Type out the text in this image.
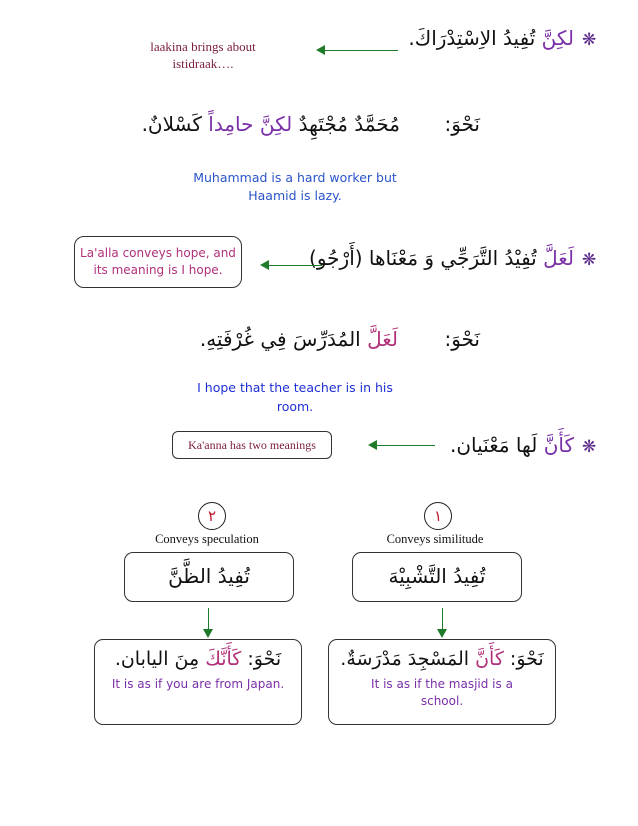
❋
لكِنَّ تُفِيدُ الاِسْتِدْرَاكَ.
laakina brings about
istidraak….
نَحْوَ:
مُحَمَّدٌ مُجْتَهِدٌ لكِنَّ حامِداً كَسْلانٌ.
Muhammad is a hard worker but
Haamid is lazy.
❋
لَعَلَّ تُفِيْدُ التَّرَجِّي وَ مَعْنَاها (أَرْجُو)
La'alla conveys hope, and
its meaning is I hope.
نَحْوَ:
لَعَلَّ المُدَرِّسَ فِي غُرْفَتِهِ.
I hope that the teacher is in his
room.
❋
كَأَنَّ لَها مَعْنَيان.
Ka'anna has two meanings
١
٢
Conveys similitude
Conveys speculation
تُفِيدُ التَّشْبِيْهَ
تُفِيدُ الظَّنَّ
نَحْوَ: كَأَنَّ المَسْجِدَ مَدْرَسَةٌ.
It is as if the masjid is a
school.
نَحْوَ: كَأَنَّكَ مِنَ اليابان.
It is as if you are from Japan.
